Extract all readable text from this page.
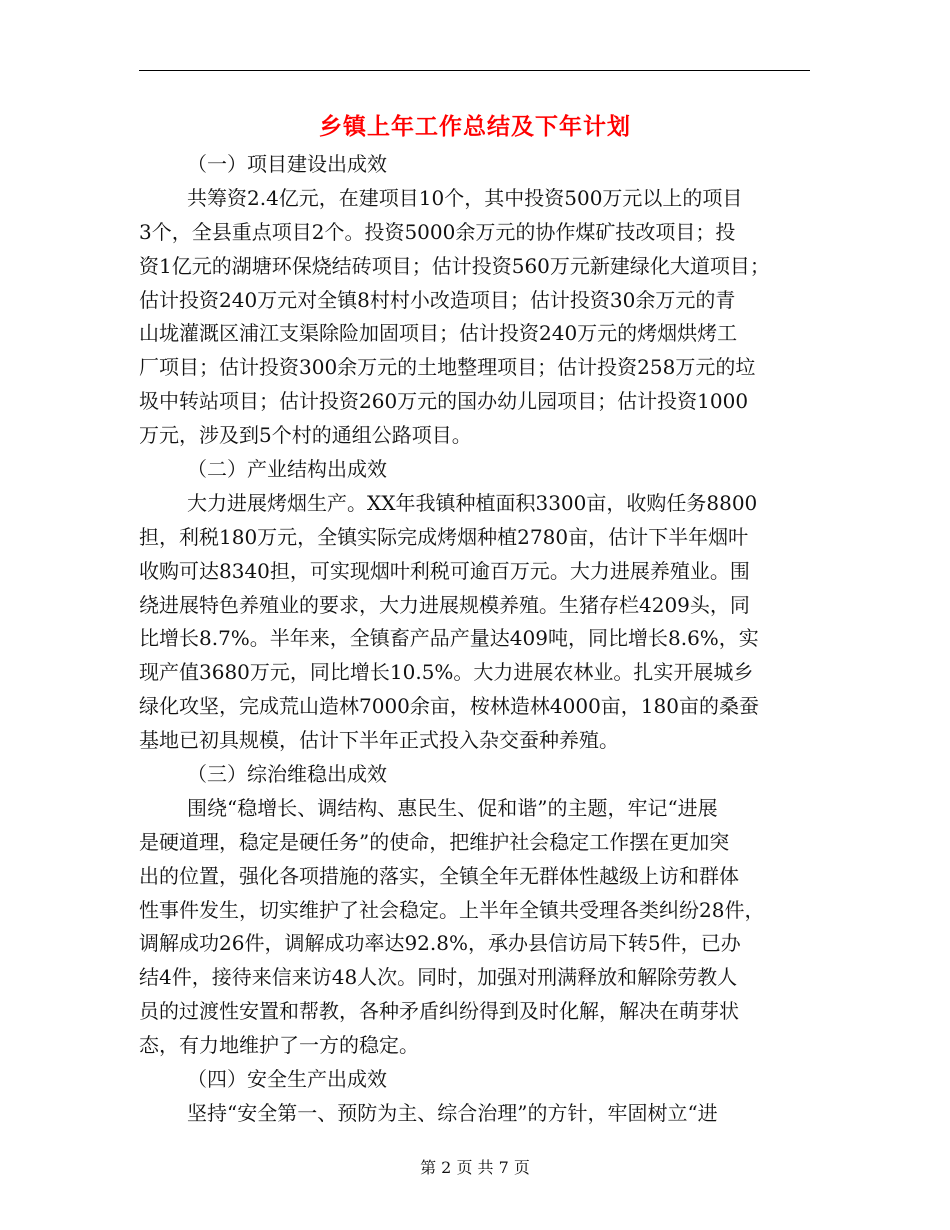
乡镇上年工作总结及下年计划
（一）项目建设出成效
共筹资2.4亿元，在建项目10个，其中投资500万元以上的项目
3个，全县重点项目2个。投资5000余万元的协作煤矿技改项目；投
资1亿元的湖塘环保烧结砖项目；估计投资560万元新建绿化大道项目；
估计投资240万元对全镇8村村小改造项目；估计投资30余万元的青
山垅灌溉区浦江支渠除险加固项目；估计投资240万元的烤烟烘烤工
厂项目；估计投资300余万元的土地整理项目；估计投资258万元的垃
圾中转站项目；估计投资260万元的国办幼儿园项目；估计投资1000
万元，涉及到5个村的通组公路项目。
（二）产业结构出成效
大力进展烤烟生产。XX年我镇种植面积3300亩，收购任务8800
担，利税180万元，全镇实际完成烤烟种植2780亩，估计下半年烟叶
收购可达8340担，可实现烟叶利税可逾百万元。大力进展养殖业。围
绕进展特色养殖业的要求，大力进展规模养殖。生猪存栏4209头，同
比增长8.7%。半年来，全镇畜产品产量达409吨，同比增长8.6%，实
现产值3680万元，同比增长10.5%。大力进展农林业。扎实开展城乡
绿化攻坚，完成荒山造林7000余亩，桉林造林4000亩，180亩的桑蚕
基地已初具规模，估计下半年正式投入杂交蚕种养殖。
（三）综治维稳出成效
围绕“稳增长、调结构、惠民生、促和谐”的主题，牢记“进展
是硬道理，稳定是硬任务”的使命，把维护社会稳定工作摆在更加突
出的位置，强化各项措施的落实，全镇全年无群体性越级上访和群体
性事件发生，切实维护了社会稳定。上半年全镇共受理各类纠纷28件，
调解成功26件，调解成功率达92.8%，承办县信访局下转5件，已办
结4件，接待来信来访48人次。同时，加强对刑满释放和解除劳教人
员的过渡性安置和帮教，各种矛盾纠纷得到及时化解，解决在萌芽状
态，有力地维护了一方的稳定。
（四）安全生产出成效
坚持“安全第一、预防为主、综合治理”的方针，牢固树立“进
第 2 页 共 7 页
